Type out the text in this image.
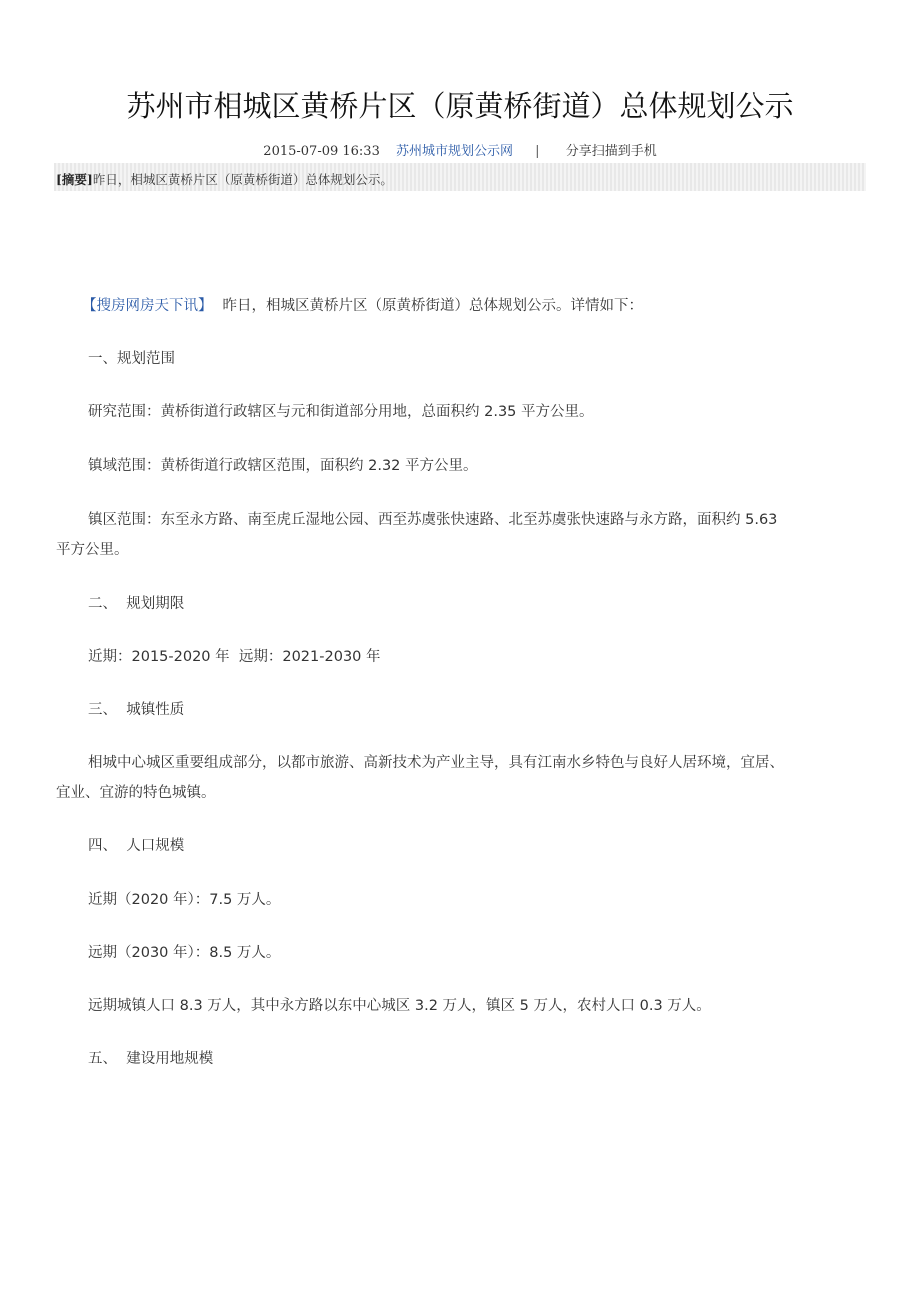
苏州市相城区黄桥片区（原黄桥街道）总体规划公示
2015-07-09 16:33 苏州城市规划公示网 | 分享扫描到手机
[摘要]昨日，相城区黄桥片区（原黄桥街道）总体规划公示。

【搜房网房天下讯】 昨日，相城区黄桥片区（原黄桥街道）总体规划公示。详情如下：

一、规划范围

研究范围：黄桥街道行政辖区与元和街道部分用地，总面积约 2.35 平方公里。

镇域范围：黄桥街道行政辖区范围，面积约 2.32 平方公里。

镇区范围：东至永方路、南至虎丘湿地公园、西至苏虞张快速路、北至苏虞张快速路与永方路，面积约 5.63

平方公里。

二、  规划期限

近期：2015-2020 年  远期：2021-2030 年

三、  城镇性质

相城中心城区重要组成部分，以都市旅游、高新技术为产业主导，具有江南水乡特色与良好人居环境，宜居、

宜业、宜游的特色城镇。

四、  人口规模

近期（2020 年）：7.5 万人。

远期（2030 年）：8.5 万人。

远期城镇人口 8.3 万人，其中永方路以东中心城区 3.2 万人，镇区 5 万人，农村人口 0.3 万人。

五、  建设用地规模
